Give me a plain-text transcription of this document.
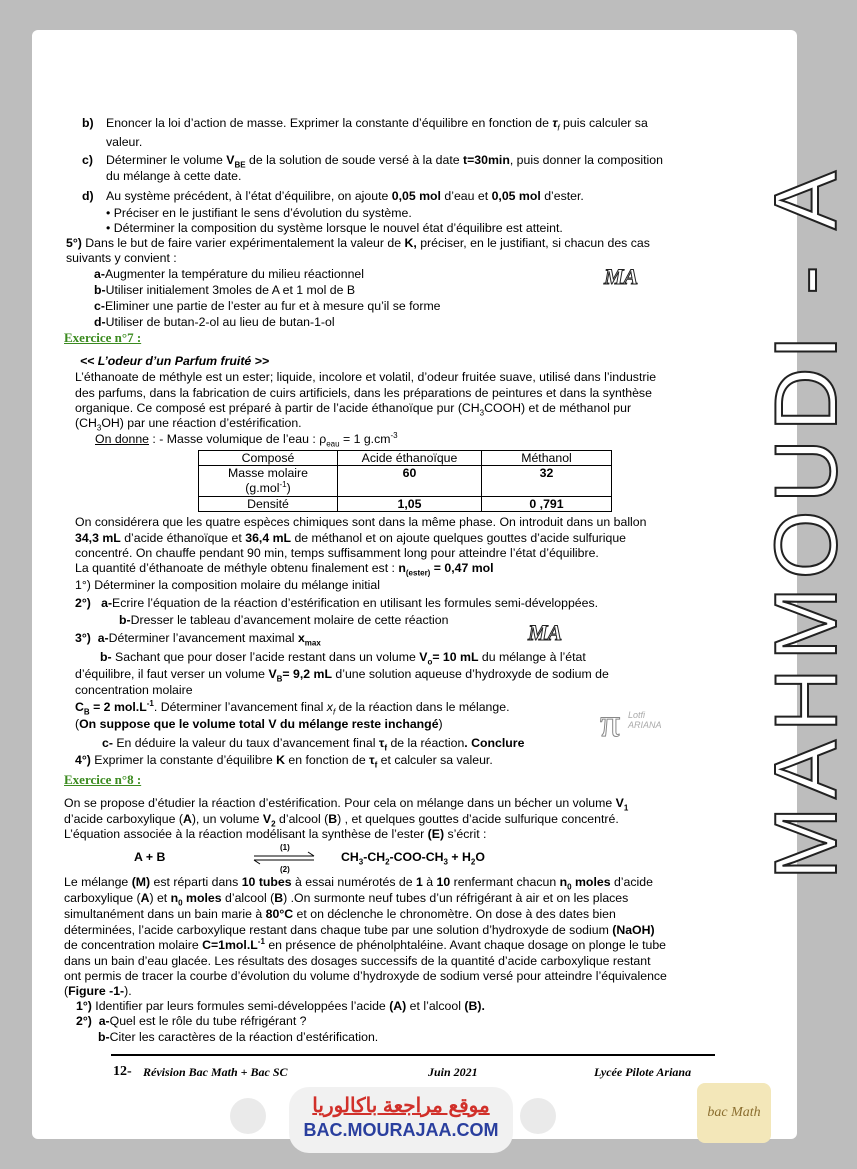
MAHMOUDI - A
b) Enoncer la loi d’action de masse. Exprimer la constante d’équilibre en fonction de $\tau_f$ puis calculer sa
valeur.
c) Déterminer le volume $V_{BE}$ de la solution de soude versé à la date t=30min, puis donner la composition
du mélange à cette date.
d) Au système précédent, à l’état d’équilibre, on ajoute 0,05 mol d’eau et 0,05 mol d’ester.
• Préciser en le justifiant le sens d’évolution du système.
• Déterminer la composition du système lorsque le nouvel état d’équilibre est atteint.
5°) Dans le but de faire varier expérimentalement la valeur de K, préciser, en le justifiant, si chacun des cas
suivants y convient :
a-Augmenter la température du milieu réactionnel
b-Utiliser initialement 3moles de A et 1 mol de B
c-Eliminer une partie de l’ester au fur et à mesure qu’il se forme
d-Utiliser de butan-2-ol au lieu de butan-1-ol
MA
Exercice n°7 :
<< L’odeur d’un Parfum fruité >>
L’éthanoate de méthyle est un ester; liquide, incolore et volatil, d’odeur fruitée suave, utilisé dans l’industrie
des parfums, dans la fabrication de cuirs artificiels, dans les préparations de peintures et dans la synthèse
organique. Ce composé est préparé à partir de l’acide éthanoïque pur $(CH_3COOH)$ et de méthanol pur
$(CH_3OH)$ par une réaction d’estérification.
On donne : - Masse volumique de l’eau : $\rho_{eau} = 1$ $g.cm^{-3}$
Composé	Acide éthanoïque	Méthanol
Masse molaire
(g.mol$^{-1}$)	60	32
Densité	1,05	0 ,791
On considérera que les quatre espèces chimiques sont dans la même phase. On introduit dans un ballon
34,3 mL d’acide éthanoïque et 36,4 mL de méthanol et on ajoute quelques gouttes d’acide sulfurique
concentré. On chauffe pendant 90 min, temps suffisamment long pour atteindre l’état d’équilibre.
La quantité d’éthanoate de méthyle obtenu finalement est : $n_{(ester)} = 0,47$ mol
1°) Déterminer la composition molaire du mélange initial
2°) a-Ecrire l’équation de la réaction d’estérification en utilisant les formules semi-développées.
b-Dresser le tableau d’avancement molaire de cette réaction
3°) a-Déterminer l’avancement maximal $x_{max}$	MA
b- Sachant que pour doser l’acide restant dans un volume $V_o= 10$ mL du mélange à l’état
d’équilibre, il faut verser un volume $V_B= 9,2$ mL d’une solution aqueuse d’hydroxyde de sodium de
concentration molaire
$C_B = 2$ $mol.L^{-1}$. Déterminer l’avancement final $x_f$ de la réaction dans le mélange.
(On suppose que le volume total V du mélange reste inchangé)	π Lotfi
ARIANA
c- En déduire la valeur du taux d’avancement final $\tau_f$ de la réaction. Conclure
4°) Exprimer la constante d’équilibre K en fonction de $\tau_f$ et calculer sa valeur.
Exercice n°8 :
On se propose d’étudier la réaction d’estérification. Pour cela on mélange dans un bécher un volume $V_1$
d’acide carboxylique (A), un volume $V_2$ d’alcool (B) , et quelques gouttes d’acide sulfurique concentré.
L’équation associée à la réaction modélisant la synthèse de l’ester (E) s’écrit :
A + B
(1)
(2)
$CH_3-CH_2-COO-CH_3 + H_2O$
Le mélange (M) est réparti dans 10 tubes à essai numérotés de 1 à 10 renfermant chacun $n_0$ moles d’acide
carboxylique (A) et $n_0$ moles d’alcool (B) .On surmonte neuf tubes d’un réfrigérant à air et on les places
simultanément dans un bain marie à 80°C et on déclenche le chronomètre. On dose à des dates bien
déterminées, l’acide carboxylique restant dans chaque tube par une solution d’hydroxyde de sodium (NaOH)
de concentration molaire $C=1mol.L^{-1}$ en présence de phénolphtaléine. Avant chaque dosage on plonge le tube
dans un bain d’eau glacée. Les résultats des dosages successifs de la quantité d’acide carboxylique restant
ont permis de tracer la courbe d’évolution du volume d’hydroxyde de sodium versé pour atteindre l’équivalence
(Figure -1-).
1°) Identifier par leurs formules semi-développées l’acide (A) et l’alcool (B).
2°) a-Quel est le rôle du tube réfrigérant ?
b-Citer les caractères de la réaction d’estérification.
12- Révision Bac Math + Bac SC	Juin 2021	Lycée Pilote Ariana
موقع مراجعة باكالوريا
BAC.MOURAJAA.COM
bac Math
